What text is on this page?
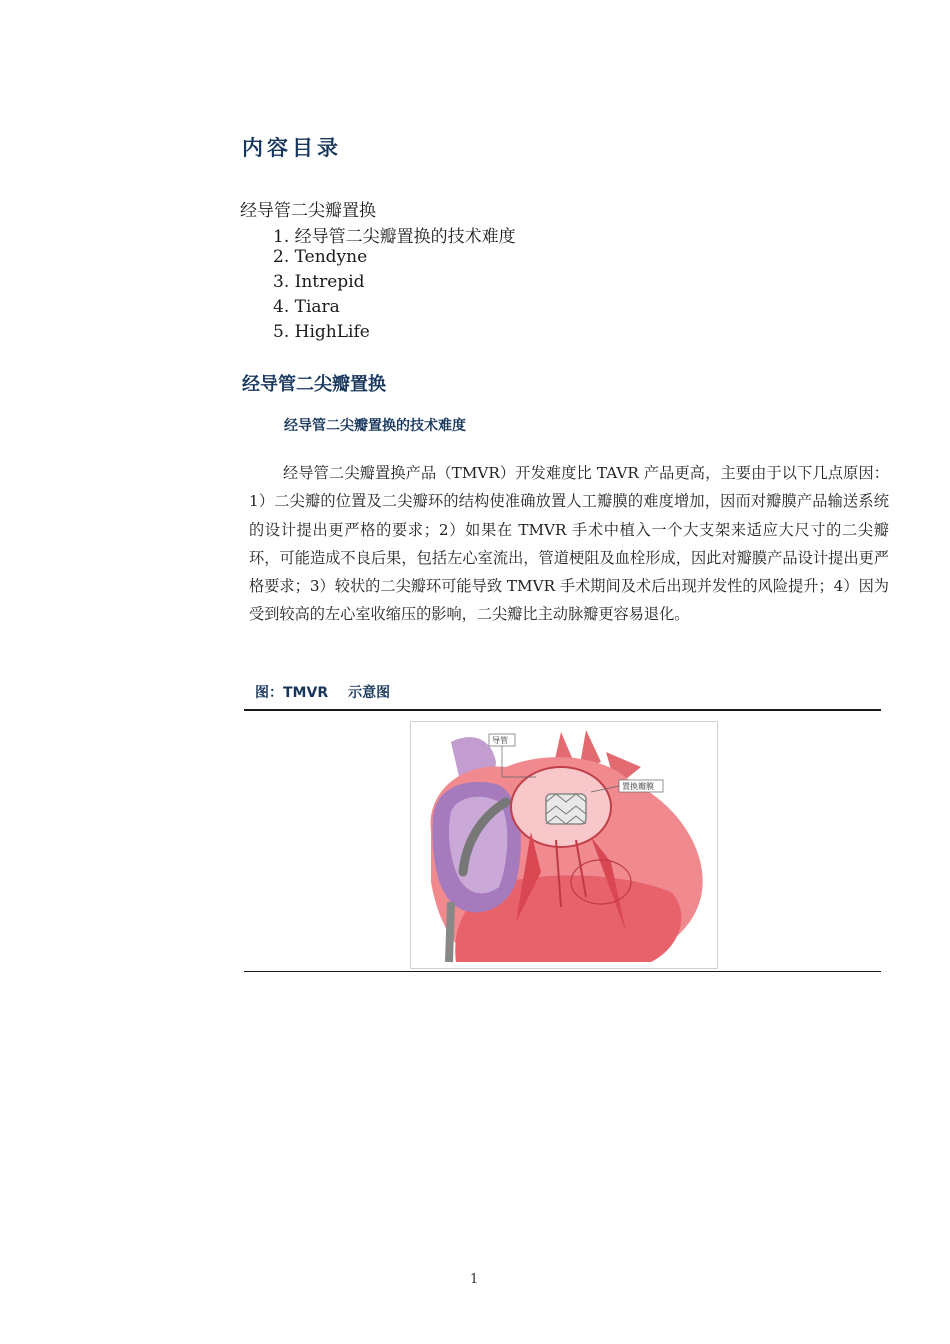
内容目录
经导管二尖瓣置换
1. 经导管二尖瓣置换的技术难度
2. Tendyne
3. Intrepid
4. Tiara
5. HighLife
经导管二尖瓣置换
经导管二尖瓣置换的技术难度

经导管二尖瓣置换产品（TMVR）开发难度比 TAVR 产品更高，主要由于以下几点原因：1）二尖瓣的位置及二尖瓣环的结构使准确放置人工瓣膜的难度增加，因而对瓣膜产品输送系统的设计提出更严格的要求；2）如果在 TMVR 手术中植入一个大支架来适应大尺寸的二尖瓣环，可能造成不良后果，包括左心室流出，管道梗阻及血栓形成，因此对瓣膜产品设计提出更严格要求；3）较状的二尖瓣环可能导致 TMVR 手术期间及术后出现并发性的风险提升；4）因为受到较高的左心室收缩压的影响，二尖瓣比主动脉瓣更容易退化。

图：TMVR 示意图
导管
置换瓣膜
1
